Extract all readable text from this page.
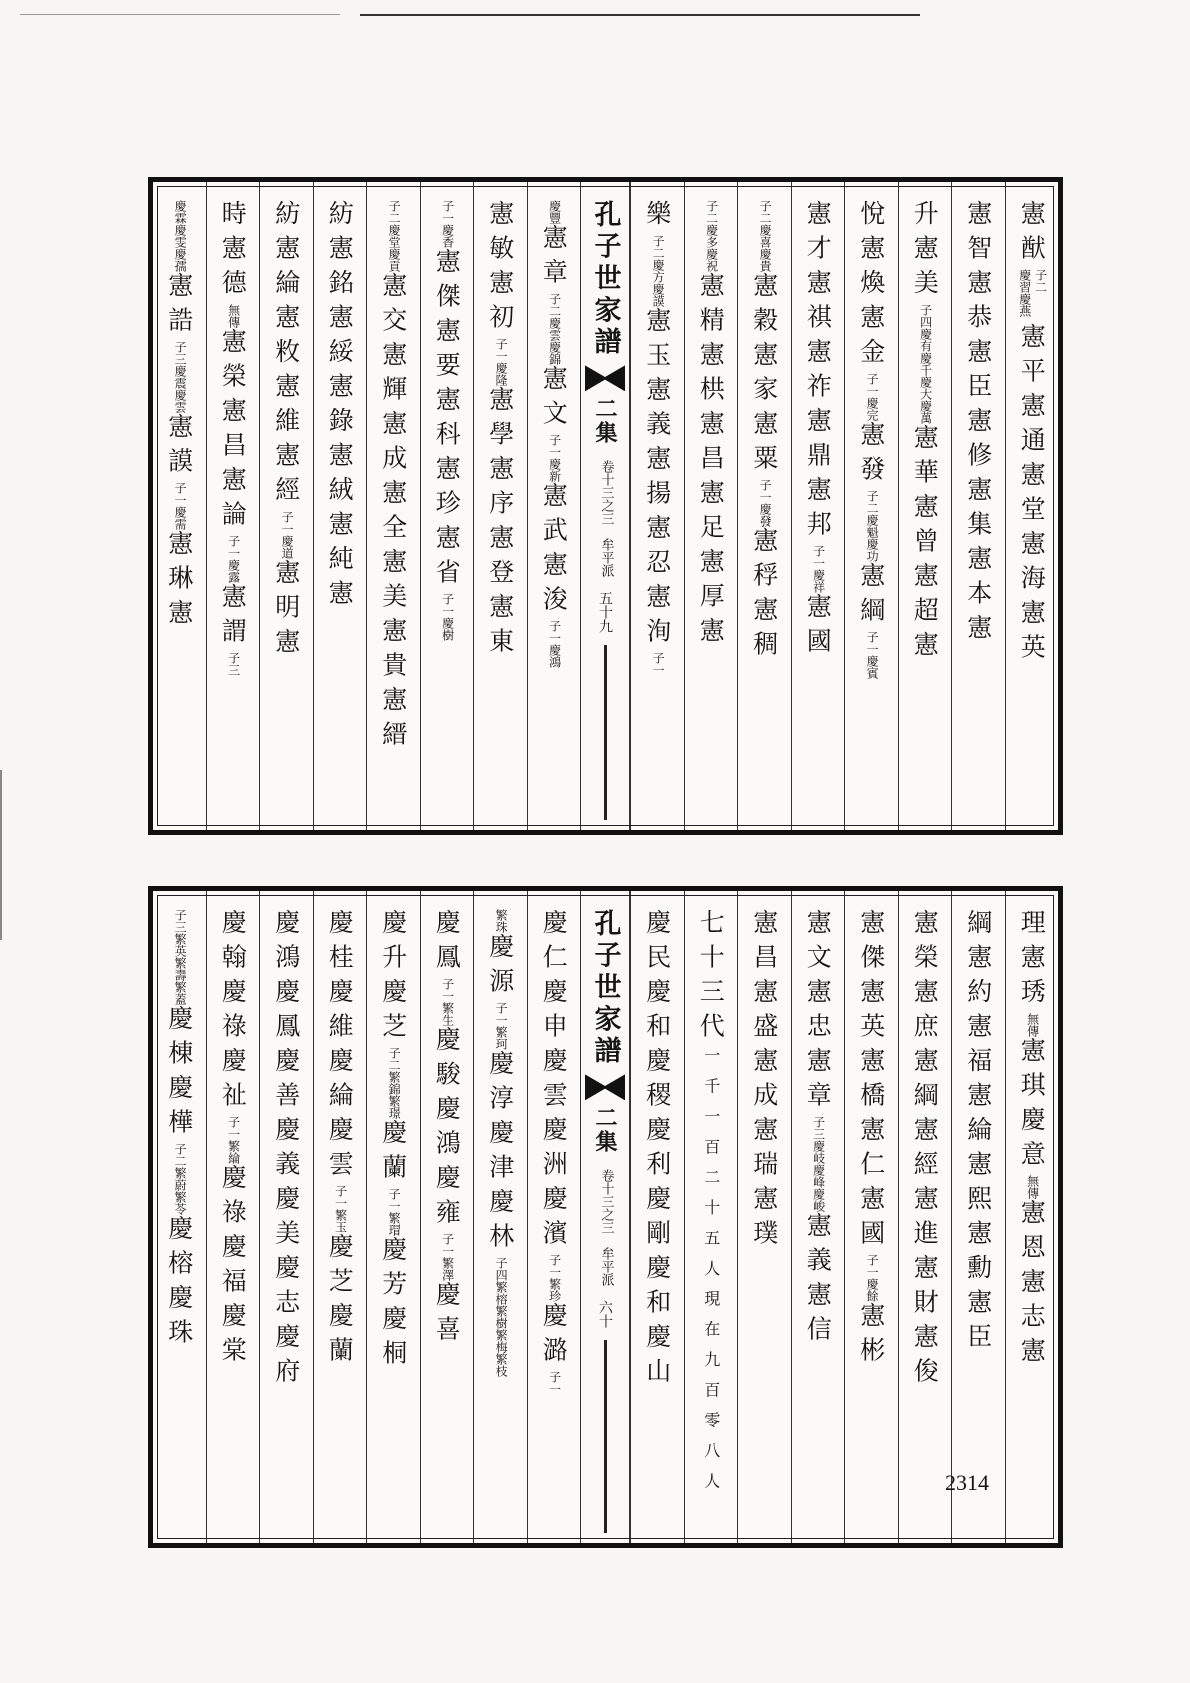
憲猷
子二
慶習慶燕
憲平憲通憲堂憲海憲英
憲智憲恭憲臣憲修憲集憲本憲
升憲美
子四慶有慶千慶大慶萬
憲華憲曾憲超憲
悅憲煥憲金
子一慶完
憲發
子二慶魁慶功
憲綱
子一慶賓
憲才憲祺憲祚憲鼎憲邦
子一慶祥
憲國
子二慶喜慶貴
憲穀憲家憲粟
子一慶發
憲稃憲稠
子二慶多慶祝
憲精憲栱憲昌憲足憲厚憲
樂
子二慶方慶謨
憲玉憲義憲揚憲忍憲洵
子一
孔子世家譜
二集
卷十三之三　牟平派
五十九
慶豐
憲章
子二慶雲慶錦
憲文
子一慶新
憲武憲浚
子一慶鴻
憲敏憲初
子一慶隆
憲學憲序憲登憲東
子一慶香
憲傑憲要憲科憲珍憲省
子一慶樹
子二慶堂慶貢
憲交憲輝憲成憲全憲美憲貴憲縉
紡憲銘憲綏憲錄憲絨憲純憲
紡憲綸憲敉憲維憲經
子一慶道
憲明憲
時憲德
無傳
憲榮憲昌憲論
子一慶露
憲謂
子三
慶霖慶雯慶孺
憲誥
子三慶震慶雲
憲謨
子一慶需
憲琳憲
理憲琇
無傳
憲琪慶意
無傳
憲恩憲志憲
綱憲約憲福憲綸憲熙憲勳憲臣
憲榮憲庶憲綱憲經憲進憲財憲俊
憲傑憲英憲橋憲仁憲國
子一慶餘
憲彬
憲文憲忠憲章
子三慶岐慶峰慶峻
憲義憲信
憲昌憲盛憲成憲瑞憲璞
七十三代
一千一百二十五人
現在九百零八人
慶民慶和慶稷慶利慶剛慶和慶山
孔子世家譜
二集
卷十三之三　牟平派
六十
慶仁慶申慶雲慶洲慶濱
子一繁珍
慶潞
子一
繁珠
慶源
子一繁珂
慶淳慶津慶林
子四繁榕繁樹繁梅繁枝
慶鳳
子一繁生
慶駿慶鴻慶雍
子一繁澤
慶喜
慶升慶芝
子二繁錦繁璟
慶蘭
子一繁瑁
慶芳慶桐
慶桂慶維慶綸慶雲
子一繁玉
慶芝慶蘭
慶鴻慶鳳慶善慶義慶美慶志慶府
慶翰慶祿慶祉
子一繁綸
慶祿慶福慶棠
子三繁英繁壽繁蓋
慶棟慶樺
子二繁蔚繁苓
慶榕慶珠
2314
